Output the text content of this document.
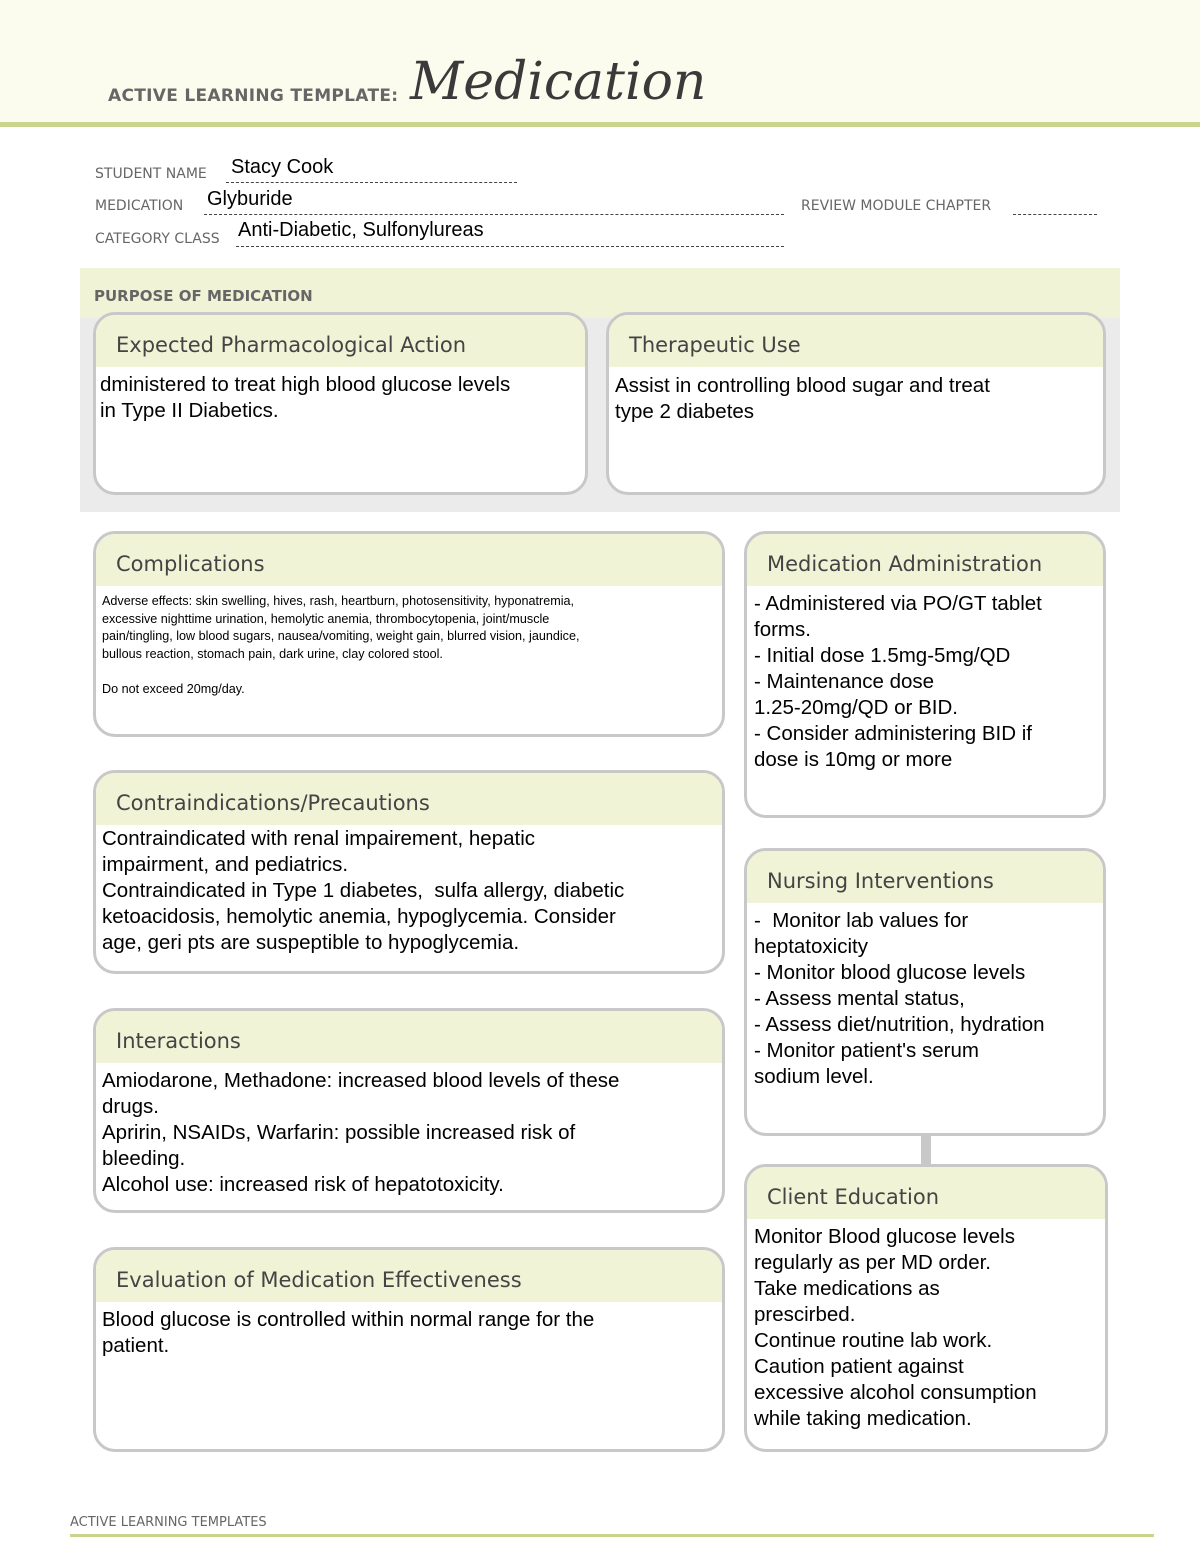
ACTIVE LEARNING TEMPLATE: Medication
STUDENT NAME Stacy Cook
MEDICATION Glyburide	REVIEW MODULE CHAPTER
CATEGORY CLASS Anti-Diabetic, Sulfonylureas
PURPOSE OF MEDICATION
Expected Pharmacological Action
dministered to treat high blood glucose levels
in Type II Diabetics.
Therapeutic Use
Assist in controlling blood sugar and treat
type 2 diabetes
Complications
Adverse effects: skin swelling, hives, rash, heartburn, photosensitivity, hyponatremia,
excessive nighttime urination, hemolytic anemia, thrombocytopenia, joint/muscle
pain/tingling, low blood sugars, nausea/vomiting, weight gain, blurred vision, jaundice,
bullous reaction, stomach pain, dark urine, clay colored stool.

Do not exceed 20mg/day.
Medication Administration
- Administered via PO/GT tablet
forms.
- Initial dose 1.5mg-5mg/QD
- Maintenance dose
1.25-20mg/QD or BID.
- Consider administering BID if
dose is 10mg or more
Contraindications/Precautions
Contraindicated with renal impairement, hepatic
impairment, and pediatrics.
Contraindicated in Type 1 diabetes,  sulfa allergy, diabetic
ketoacidosis, hemolytic anemia, hypoglycemia. Consider
age, geri pts are suspeptible to hypoglycemia.
Nursing Interventions
-  Monitor lab values for
heptatoxicity
- Monitor blood glucose levels
- Assess mental status,
- Assess diet/nutrition, hydration
- Monitor patient's serum
sodium level.
Interactions
Amiodarone, Methadone: increased blood levels of these
drugs.
Apririn, NSAIDs, Warfarin: possible increased risk of
bleeding.
Alcohol use: increased risk of hepatotoxicity.
Client Education
Monitor Blood glucose levels
regularly as per MD order.
Take medications as
prescirbed.
Continue routine lab work.
Caution patient against
excessive alcohol consumption
while taking medication.
Evaluation of Medication Effectiveness
Blood glucose is controlled within normal range for the
patient.
ACTIVE LEARNING TEMPLATES
